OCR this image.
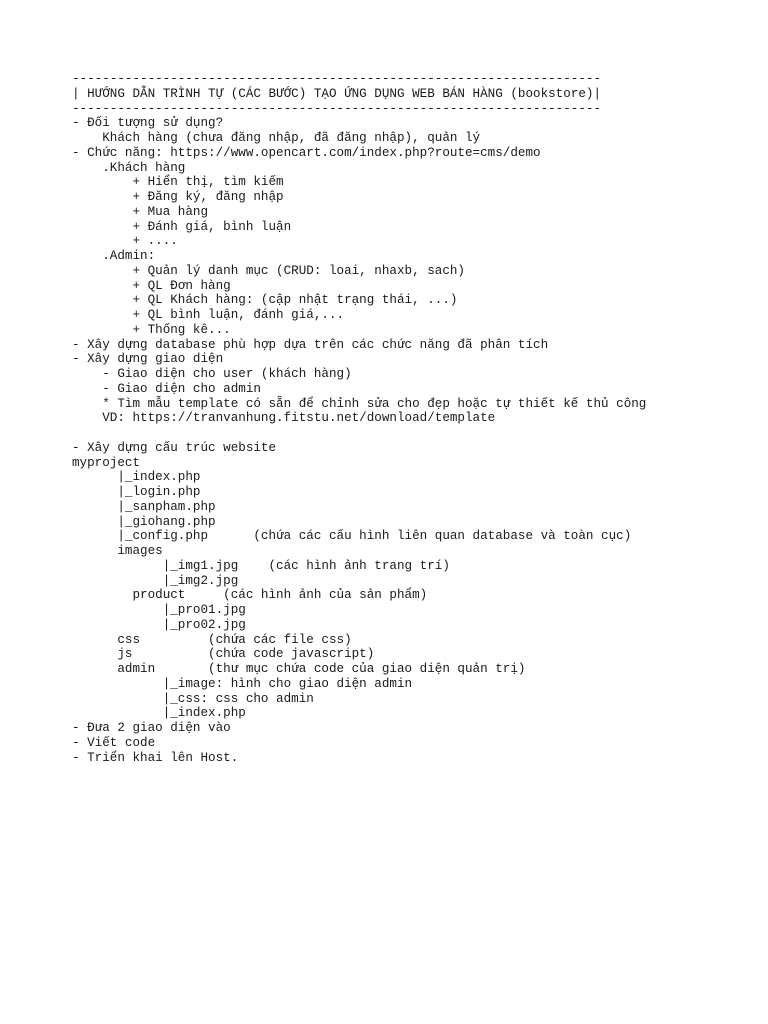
----------------------------------------------------------------------
| HƯỚNG DẪN TRÌNH TỰ (CÁC BƯỚC) TẠO ỨNG DỤNG WEB BÁN HÀNG (bookstore)|
----------------------------------------------------------------------
- Đối tượng sử dụng?
Khách hàng (chưa đăng nhập, đã đăng nhập), quản lý
- Chức năng: https://www.opencart.com/index.php?route=cms/demo
.Khách hàng
+ Hiển thị, tìm kiếm
+ Đăng ký, đăng nhập
+ Mua hàng
+ Đánh giá, bình luận
+ ....
.Admin:
+ Quản lý danh mục (CRUD: loai, nhaxb, sach)
+ QL Đơn hàng
+ QL Khách hàng: (cập nhật trạng thái, ...)
+ QL bình luận, đánh giá,...
+ Thống kê...
- Xây dựng database phù hợp dựa trên các chức năng đã phân tích
- Xây dựng giao diện
- Giao diện cho user (khách hàng)
- Giao diện cho admin
* Tìm mẫu template có sẵn để chỉnh sửa cho đẹp hoặc tự thiết kế thủ công
VD: https://tranvanhung.fitstu.net/download/template

- Xây dựng cấu trúc website
myproject
|_index.php
|_login.php
|_sanpham.php
|_giohang.php
|_config.php      (chứa các cấu hình liên quan database và toàn cục)
images
|_img1.jpg    (các hình ảnh trang trí)
|_img2.jpg
product     (các hình ảnh của sản phẩm)
|_pro01.jpg
|_pro02.jpg
css         (chứa các file css)
js          (chứa code javascript)
admin       (thư mục chứa code của giao diện quản trị)
|_image: hình cho giao diện admin
|_css: css cho admin
|_index.php
- Đưa 2 giao diện vào
- Viết code
- Triển khai lên Host.
